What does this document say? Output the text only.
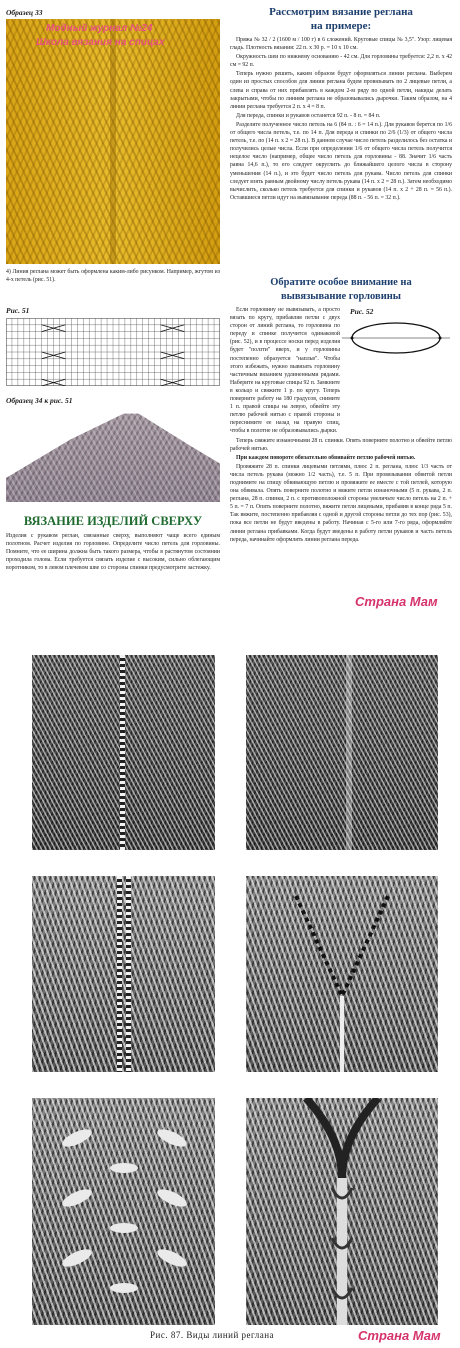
Образец 33
Модный журнал №24
Школа вязания на спицах
4) Линия реглана может быть оформлена каким-либо рисунком. Например, жгутом из 4-х петель (рис. 51).
Рис. 51
Образец 34 к рис. 51
ВЯЗАНИЕ ИЗДЕЛИЙ СВЕРХУ
Изделия с рукавом реглан, связанные сверху, выполняют чаще всего единым полотном. Расчет изделия по горловине. Определите число петель для горловины. Помните, что ее ширина должна быть такого размера, чтобы в растянутом состоянии проходила голова. Если требуется связать изделие с высоким, сильно облегающим воротником, то в левом плечевом шве со стороны спинки предусмотрите застежку.
Рассмотрим вязание реглана
на примере:

Пряжа № 32 / 2 (1600 м / 100 г) в 6 сложений. Круговые спицы № 3,5". Узор: лицевая гладь. Плотность вязания: 22 п. х 30 р. = 10 х 10 см.

Окружность шеи по нижнему основанию - 42 см. Для горловины требуется: 2,2 п. х 42 см = 92 п.

Теперь нужно решить, каким образом будут оформляться линии реглана. Выберем один из простых способов для линии реглана будем провязывать по 2 лицевые петли, а слева и справа от них прибавлять в каждом 2-м ряду по одной петли, накиды делать закрытыми, чтобы по линиям реглана не образовывались дырочки. Таким образом, на 4 линии реглана требуется 2 п. х 4 = 8 п.

Для переда, спинки и рукавов останется 92 п. - 8 п. = 84 п.

Разделите полученное число петель на 6 (84 п. : 6 = 14 п.). Для рукавов берется по 1/6 от общего числа петель, т.е. по 14 п. Для переда и спинки по 2/6 (1/3) от общего числа петель, т.е. по (14 п. х 2 = 28 п.). В данном случае число петель разделилось без остатка и получились целые числа. Если при определении 1/6 от общего числа петель получится нецелое число (например, общее число петель для горловины - 88. Значит 1/6 часть равна 14,6 п.), то его следует округлить до ближайшего целого числа в сторону уменьшения (14 п.), и это будет число петель для рукава. Число петель для спинки следует взять равным двойному числу петель рукава (14 п. х 2 = 28 п.). Затем необходимо вычислить, сколько петель требуется для спинки и рукавов (14 п. х 2 + 28 п. = 56 п.). Оставшиеся петли идут на вывязывание переда (88 п. - 56 п. = 32 п.).

Обратите особое внимание на
вывязывание горловины
Рис. 52

Если горловину не вывязывать, а просто вязать по кругу, прибавляя петли с двух сторон от линий реглана, то горловина по переду и спинке получится одинаковой (рис. 52), и в процессе носки перед изделия будет "ползти" вверх, и у горловины постепенно образуется "напльв". Чтобы этого избежать, нужно вывязать горловину частичным вязанием удлиненными рядами. Наберите на круговые спицы 92 п. Замкните в кольцо и свяжите 1 р. по кругу. Теперь поверните работу на 180 градусов, снимите 1 п. правой спицы на левую, обвейте эту петлю рабочей нитью с правой стороны и переснимите ее назад на правую спиц, чтобы в полотне не образовывались дырки.

Теперь свяжите изнаночными 28 п. спинки. Опять поверните полотно и обвейте петлю рабочей нитью.

При каждом повороте обязательно обвивайте петлю рабочей нитью.

Провяжите 28 п. спинки лицевыми петлями, плюс 2 п. реглана, плюс 1/3 часть от числа петель рукава (можно 1/2 часть), т.е. 5 п. При провязывании обвитой петли поднимите на спицу обвивающую петлю и провяжите ее вместе с той петлей, которую она обвивала. Опять поверните полотно и вяжите петли изнаночными (5 п. рукава, 2 п. реглана, 28 п. спинки, 2 п. с противоположной стороны увеличьте число петель на 2 п. + 5 п. = 7 п. Опять поверните полотно, вяжите петли лицевыми, прибавив в конце ряда 5 п. Так вяжите, постепенно прибавляя с одной и другой стороны петли до тех пор (рис. 53), пока все петли не будут введены в работу. Начиная с 5-го или 7-го ряда, оформляйте линии реглана прибавками. Когда будут введены в работу петли рукавов и часть петель переда, начинайте оформлять линии реглана переда.

Страна Мам
Рис. 87. Виды линий реглана	Страна Мам
